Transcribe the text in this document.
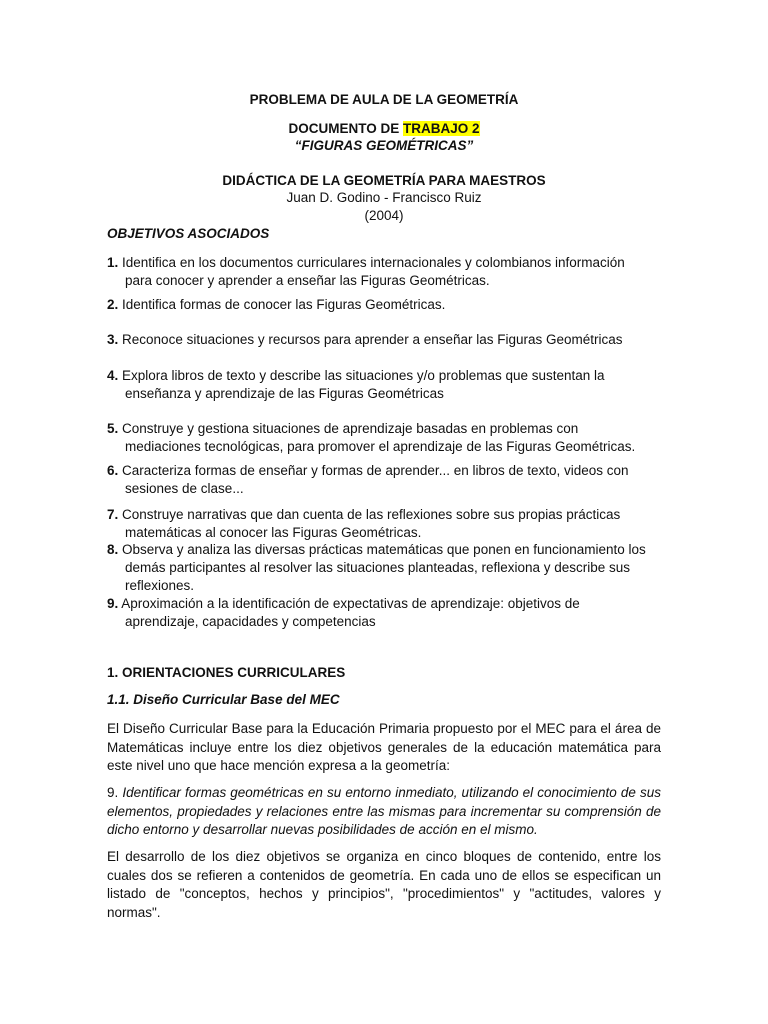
PROBLEMA DE AULA DE LA GEOMETRÍA
DOCUMENTO DE TRABAJO 2
“FIGURAS GEOMÉTRICAS”
DIDÁCTICA DE LA GEOMETRÍA PARA MAESTROS
Juan D. Godino - Francisco Ruiz
(2004)
OBJETIVOS ASOCIADOS
1. Identifica en los documentos curriculares internacionales y colombianos información
para conocer y aprender a enseñar las Figuras Geométricas.
2. Identifica formas de conocer las Figuras Geométricas.
3. Reconoce situaciones y recursos para aprender a enseñar las Figuras Geométricas
4. Explora libros de texto y describe las situaciones y/o problemas que sustentan la
enseñanza y aprendizaje de las Figuras Geométricas
5. Construye y gestiona situaciones de aprendizaje basadas en problemas con
mediaciones tecnológicas, para promover el aprendizaje de las Figuras Geométricas.
6. Caracteriza formas de enseñar y formas de aprender... en libros de texto, videos con
sesiones de clase...
7. Construye narrativas que dan cuenta de las reflexiones sobre sus propias prácticas
matemáticas al conocer las Figuras Geométricas.
8. Observa y analiza las diversas prácticas matemáticas que ponen en funcionamiento los
demás participantes al resolver las situaciones planteadas, reflexiona y describe sus
reflexiones.
9. Aproximación a la identificación de expectativas de aprendizaje: objetivos de
aprendizaje, capacidades y competencias
1. ORIENTACIONES CURRICULARES
1.1. Diseño Curricular Base del MEC
El Diseño Curricular Base para la Educación Primaria propuesto por el MEC para el área de Matemáticas incluye entre los diez objetivos generales de la educación matemática para este nivel uno que hace mención expresa a la geometría:
9. Identificar formas geométricas en su entorno inmediato, utilizando el conocimiento de sus elementos, propiedades y relaciones entre las mismas para incrementar su comprensión de dicho entorno y desarrollar nuevas posibilidades de acción en el mismo.
El desarrollo de los diez objetivos se organiza en cinco bloques de contenido, entre los cuales dos se refieren a contenidos de geometría. En cada uno de ellos se especifican un listado de "conceptos, hechos y principios", "procedimientos" y "actitudes, valores y normas".
